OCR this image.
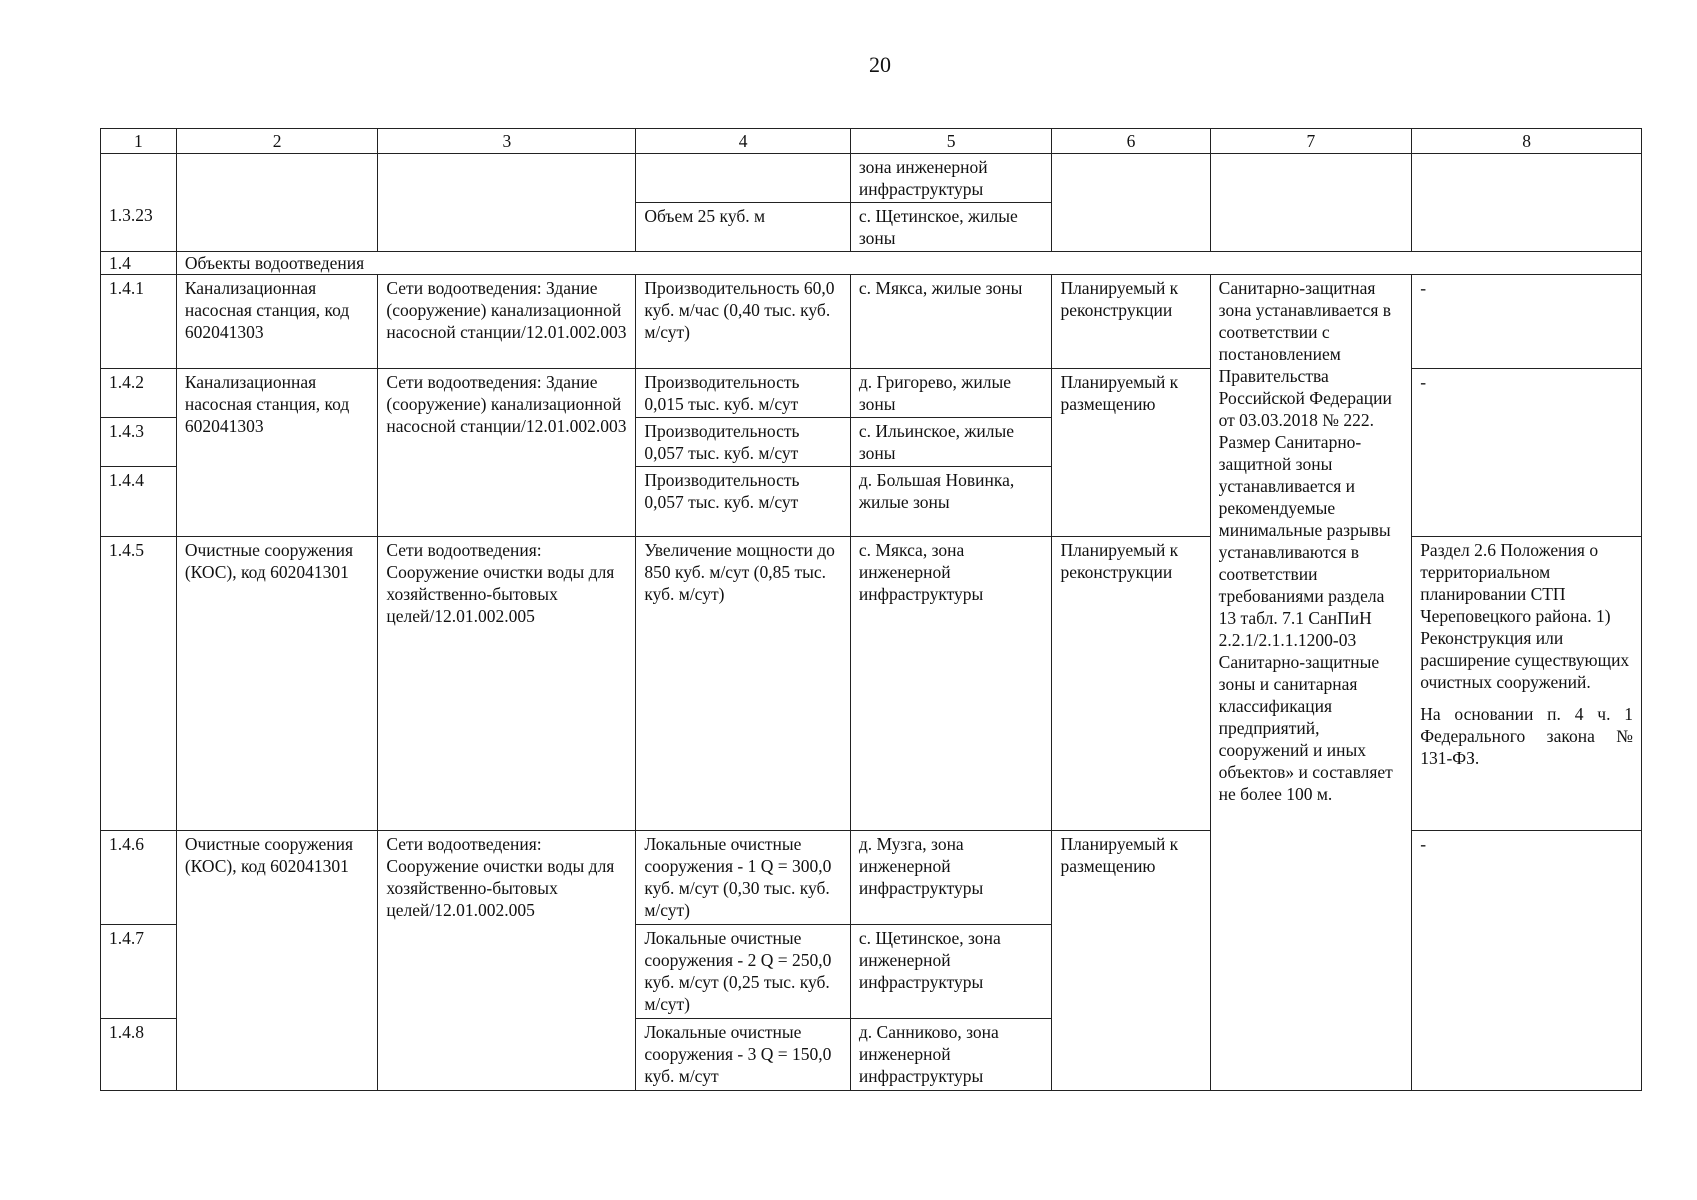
20
1	2	3	4	5	6	7	8

1.3.23				зона инженерной инфраструктуры			
			Объем 25 куб. м	с. Щетинское, жилые зоны			
1.4	Объекты водоотведения						
1.4.1	Канализационная насосная станция, код 602041303	Сети водоотведения: Здание (сооружение) канализационной насосной станции/12.01.002.003	Производительность 60,0 куб. м/час (0,40 тыс. куб. м/сут)	с. Мякса, жилые зоны	Планируемый к реконструкции	Санитарно-защитная зона устанавливается в соответствии с постановлением Правительства Российской Федерации от 03.03.2018 № 222. Размер Санитарно-защитной зоны устанавливается и рекомендуемые минимальные разрывы устанавливаются в соответствии требованиями раздела 13 табл. 7.1 СанПиН 2.2.1/2.1.1.1200-03 Санитарно-защитные зоны и санитарная классификация предприятий, сооружений и иных объектов» и составляет не более 100 м.	-
1.4.2	Канализационная насосная станция, код 602041303	Сети водоотведения: Здание (сооружение) канализационной насосной станции/12.01.002.003	Производительность 0,015 тыс. куб. м/сут	д. Григорево, жилые зоны	Планируемый к размещению		-
1.4.3			Производительность 0,057 тыс. куб. м/сут	с. Ильинское, жилые зоны			
1.4.4			Производительность 0,057 тыс. куб. м/сут	д. Большая Новинка, жилые зоны			
1.4.5	Очистные сооружения (КОС), код 602041301	Сети водоотведения: Сооружение очистки воды для хозяйственно-бытовых целей/12.01.002.005	Увеличение мощности до 850 куб. м/сут (0,85 тыс. куб. м/сут)	с. Мякса, зона инженерной инфраструктуры	Планируемый к реконструкции		Раздел 2.6 Положения о территориальном планировании СТП Череповецкого района. 1) Реконструкция или расширение существующих очистных сооружений.
На основании п. 4 ч. 1 Федерального закона № 131-ФЗ.

1.4.6	Очистные сооружения (КОС), код 602041301	Сети водоотведения: Сооружение очистки воды для хозяйственно-бытовых целей/12.01.002.005	Локальные очистные сооружения - 1 Q = 300,0 куб. м/сут (0,30 тыс. куб. м/сут)	д. Музга, зона инженерной инфраструктуры	Планируемый к размещению		-
1.4.7			Локальные очистные сооружения - 2 Q = 250,0 куб. м/сут (0,25 тыс. куб. м/сут)	с. Щетинское, зона инженерной инфраструктуры			
1.4.8			Локальные очистные сооружения - 3 Q = 150,0 куб. м/сут	д. Санниково, зона инженерной инфраструктуры			
